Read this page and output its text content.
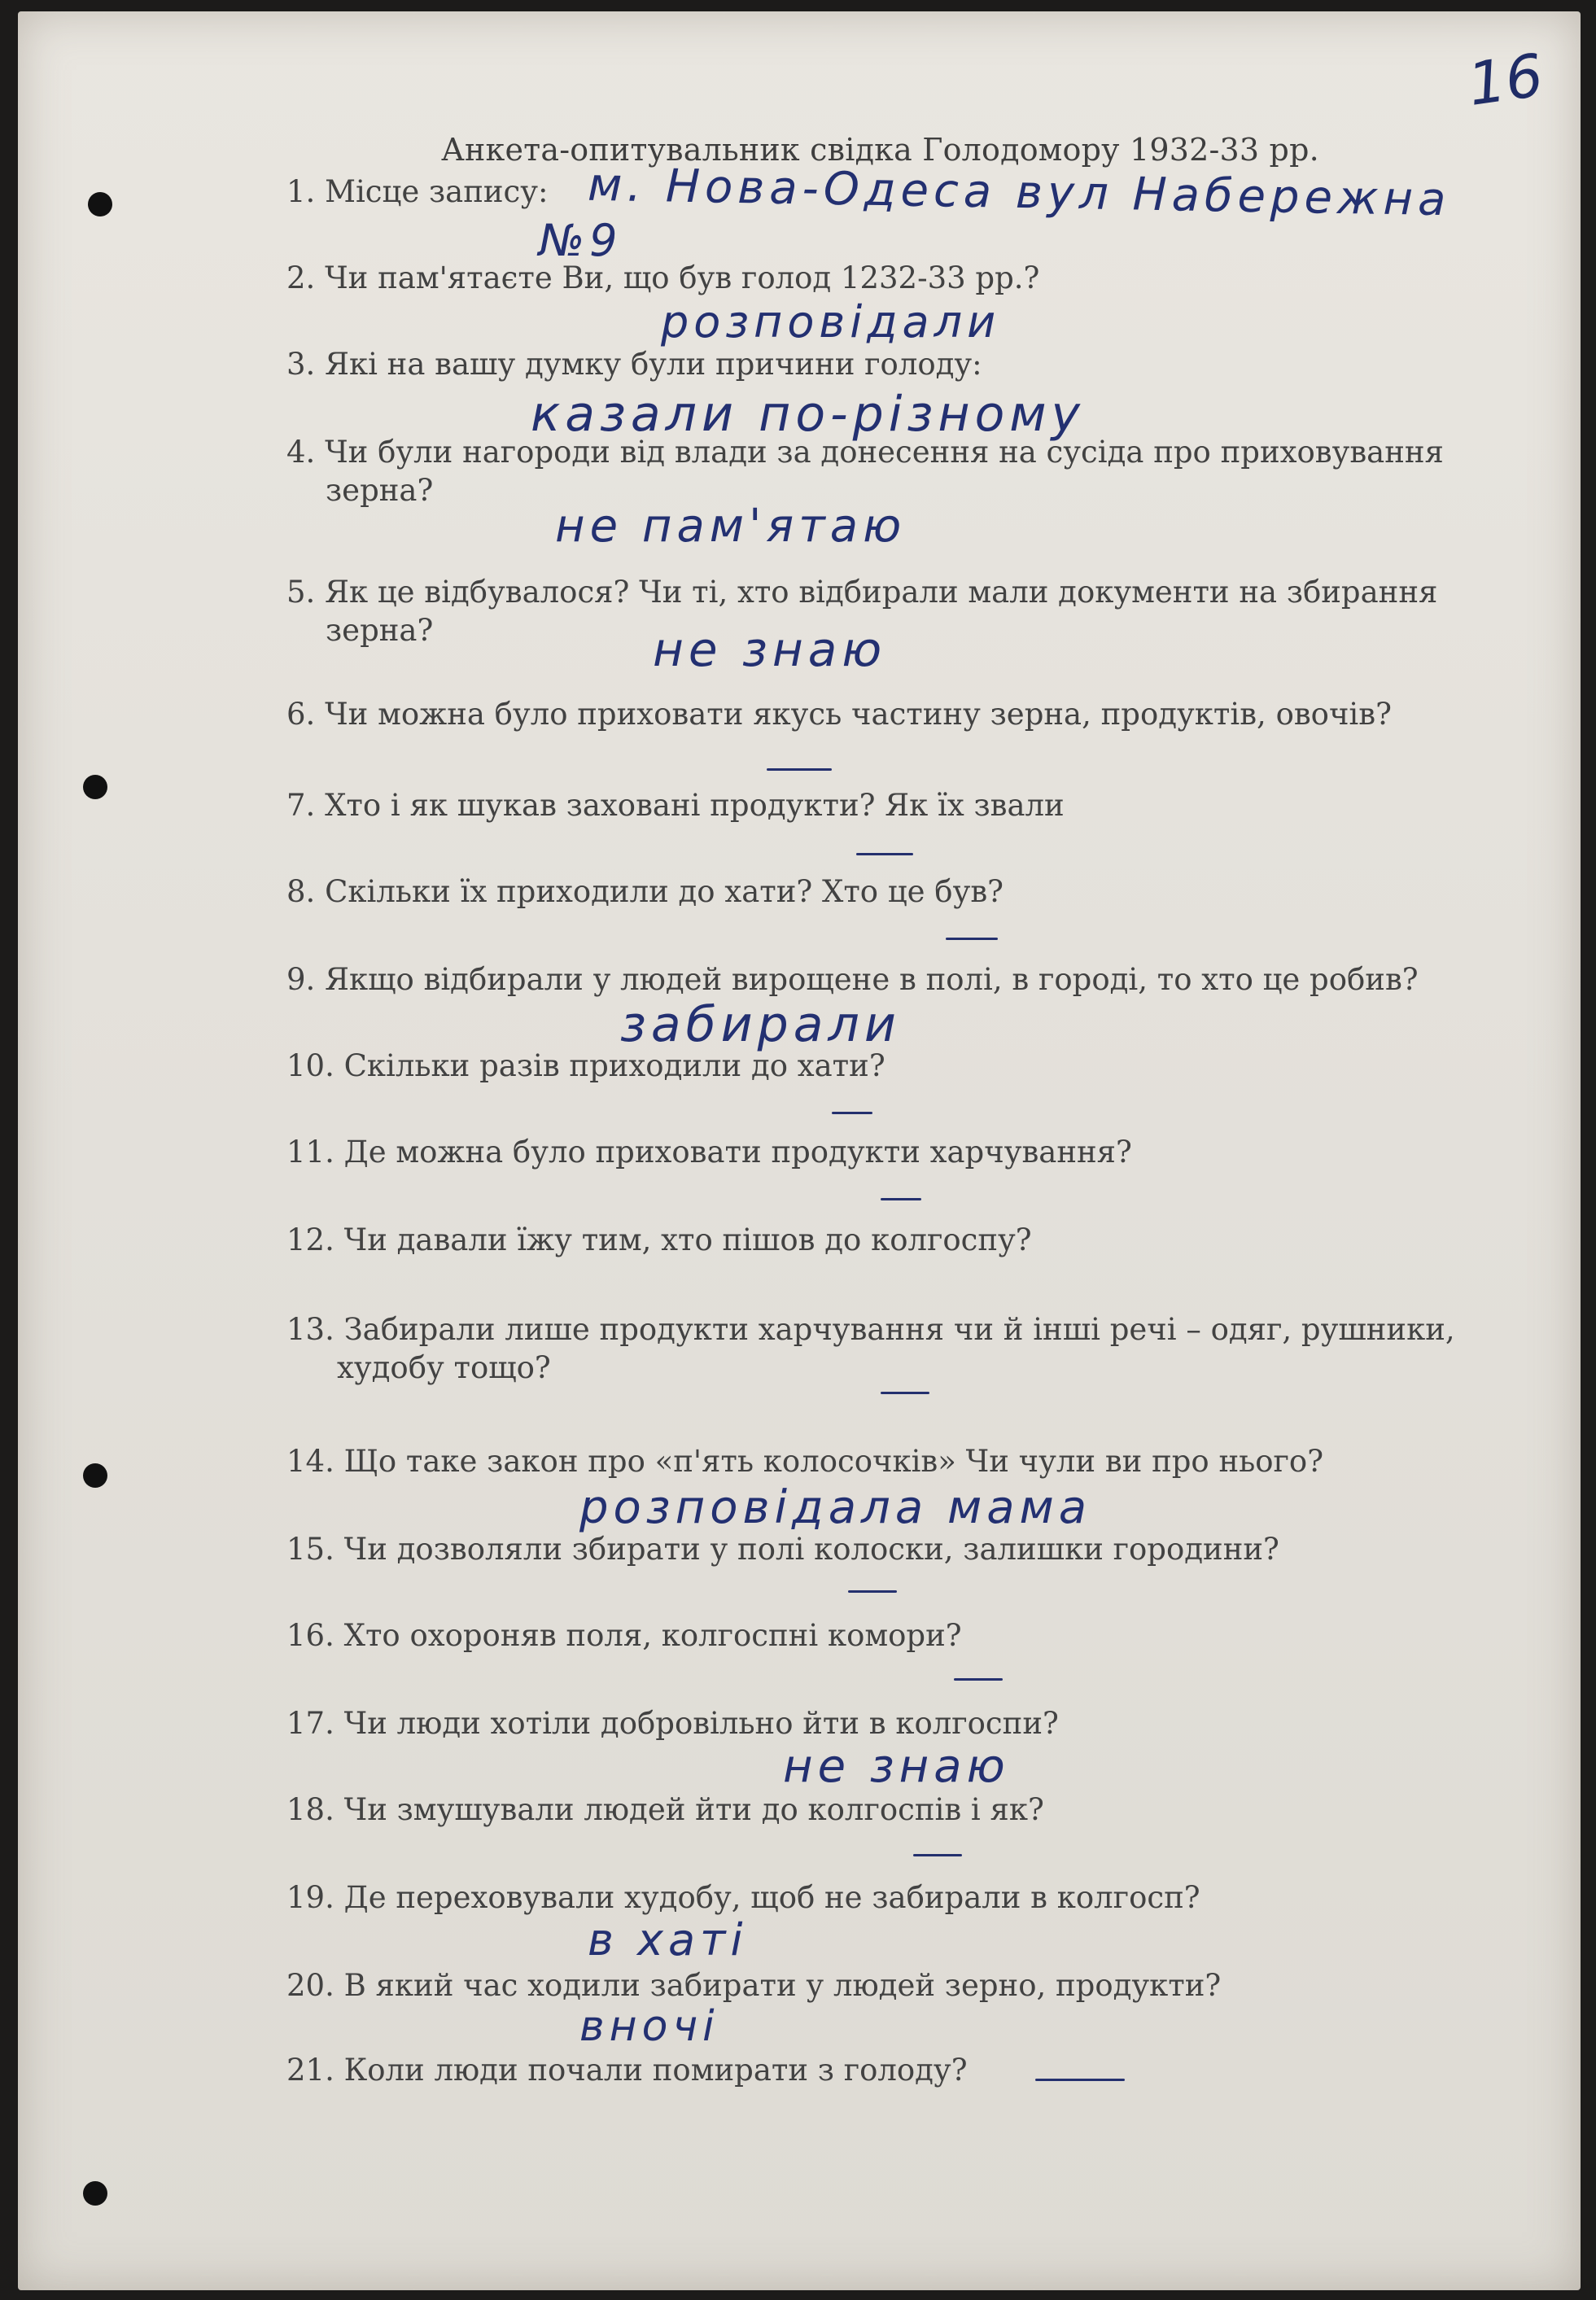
16
Анкета-опитувальник свідка Голодомору 1932-33 рр.
1. Місце запису:
2. Чи пам'ятаєте Ви, що був голод 1232-33 рр.?
3. Які на вашу думку були причини голоду:
4. Чи були нагороди від влади за донесення на сусіда про приховування
зерна?
5. Як це відбувалося? Чи ті, хто відбирали мали документи на збирання
зерна?
6. Чи можна було приховати якусь частину зерна, продуктів, овочів?
7. Хто і як шукав заховані продукти? Як їх звали
8. Скільки їх приходили до хати? Хто це був?
9. Якщо відбирали у людей вирощене в полі, в городі, то хто це робив?
10. Скільки разів приходили до хати?
11. Де можна було приховати продукти харчування?
12. Чи давали їжу тим, хто пішов до колгоспу?
13. Забирали лише продукти харчування чи й інші речі – одяг, рушники,
худобу тощо?
14. Що таке закон про «п'ять колосочків» Чи чули ви про нього?
15. Чи дозволяли збирати у полі колоски, залишки городини?
16. Хто охороняв поля, колгоспні комори?
17. Чи люди хотіли добровільно йти в колгоспи?
18. Чи змушували людей йти до колгоспів і як?
19. Де переховували худобу, щоб не забирали в колгосп?
20. В який час ходили забирати у людей зерно, продукти?
21. Коли люди почали помирати з голоду?
м. Нова-Одеса вул Набережна
№9
розповідали
казали по-різному
не пам'ятаю
не знаю
забирали
розповідала мама
не знаю
в хаті
вночі
